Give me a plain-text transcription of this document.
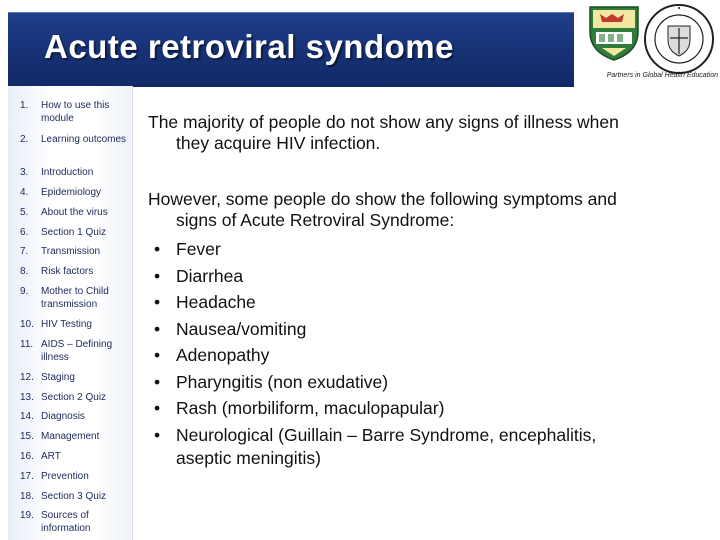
Acute retroviral syndome
Partners in Global Health Education
1.	How to use this module
2.	Learning outcomes
3.	Introduction
4.	Epidemiology
5.	About the virus
6.	Section 1 Quiz
7.	Transmission
8.	Risk factors
9.	Mother to Child transmission
10. HIV Testing
11. AIDS – Defining illness
12. Staging
13. Section 2 Quiz
14. Diagnosis
15. Management
16. ART
17. Prevention
18. Section 3 Quiz
19. Sources of information
The majority of people do not show any signs of illness when
they acquire HIV infection.
However, some people do show the following symptoms and
signs of Acute Retroviral Syndrome:
• Fever
• Diarrhea
• Headache
• Nausea/vomiting
• Adenopathy
• Pharyngitis (non exudative)
• Rash (morbiliform, maculopapular)
• Neurological (Guillain – Barre Syndrome, encephalitis,
aseptic meningitis)
